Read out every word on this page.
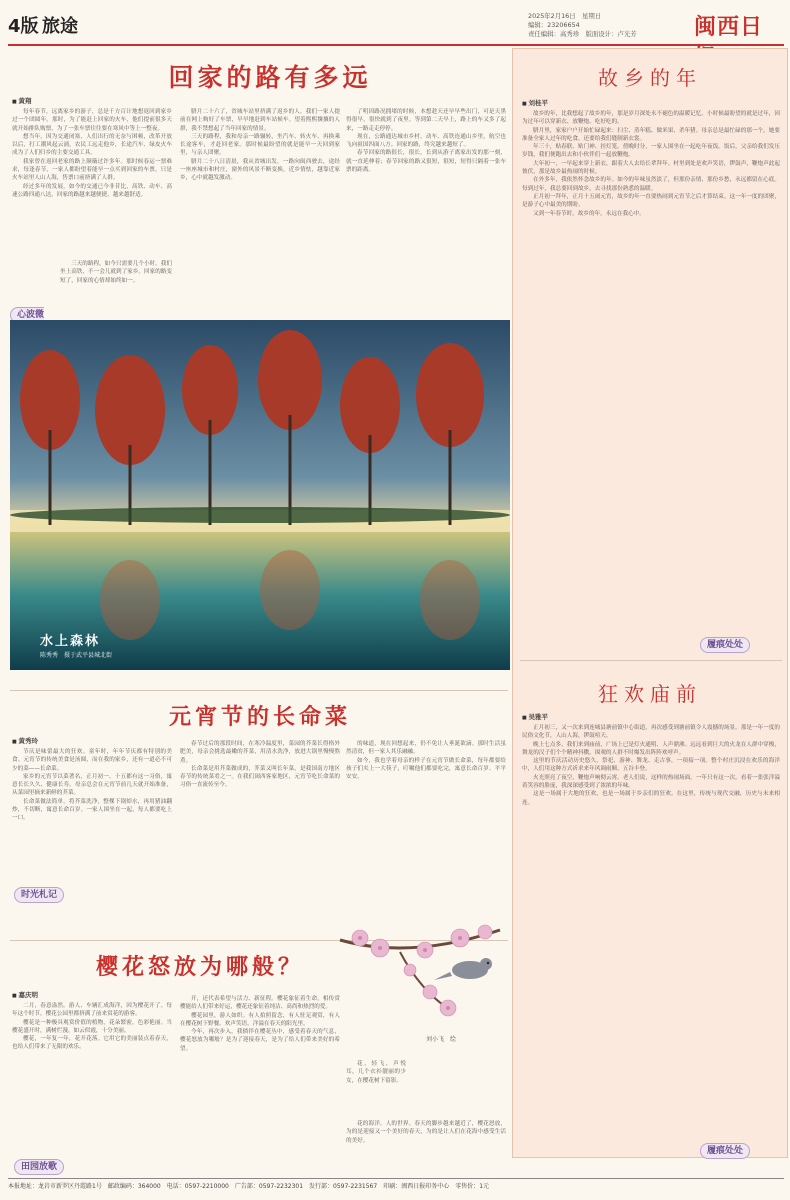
4版 旅途	2025年2月16日　星期日
编辑：23206654
责任编辑：高秀珍　版面设计：卢光芳	闽西日
回家的路有多远
■ 黄翔

每年春节，远离家乡的游子，总是千方百计地想返回到家乡过一个团圆年。那时，为了能赶上回家的火车，他们提前很多天就开始排队购票，为了一张车票往往要在寒风中等上一整夜。

想当年，因为交通闭塞，人们出行的无奈与困顿，改革开放以后，打工潮风起云涌，农民工远走他乡，长途汽车、绿皮火车成为了人们归乡的主要交通工具。

我家曾在返回老家的路上颠簸过许多年。那时候春运一票难求，每逢春节，一家人都盼望着能早一点买到回家的车票，只是火车站里人山人海，售票口前挤满了人群。

经过多年的发展，如今的交通已今非昔比，高铁、动车、高速公路四通八达，回家的路越来越便捷，越来越舒适。

三天的路程，如今只需要几个小时。我们坐上高铁，不一会儿就到了家乡。回家的路变短了，回家的心情却始终如一。

心波微

腊月二十六了，省城车站里挤满了返乡的人。我们一家人提前在网上购好了车票，早早地赶到车站候车。望着熙熙攘攘的人群，我不禁想起了当年回家的情景。

三天的路程，我和母亲一路辗转，坐汽车、转火车、再换乘长途客车，才赶回老家。那时候最盼望的就是能早一天回到家里，与亲人团聚。

腊月二十八日清晨，我从省城出发，一路向闽西驶去，途经一座座城市和村庄，窗外的风景不断变换。近乡情怯，越靠近家乡，心中就越发激动。

了明因路况拥堵的时候，本想趁天还早早些出门，可是天黑得很早，很快就到了夜里。等到第二天早上，路上的车又多了起来，一路走走停停。

现在，公路通达城市乡村，动车、高铁连通山乡里，航空也飞向祖国四面八方。回家的路，终究越来越短了。

春节回家的路很长，很长，长到从游子离家出发的那一刻，就一直延伸着；春节回家的路又很短，很短，短得只隔着一张车票的距离。

水上森林
陈秀秀　摄于武平县城北街
故乡的年
■ 刘桂平

故乡的年，比我想起了故乡的年，那是岁月深处永不褪色的温暖记忆。小时候最盼望的就是过年，因为过年可以穿新衣、放鞭炮、吃好吃的。

腊月里，家家户户开始忙碌起来：扫尘、蒸年糕、做米果、杀年猪。母亲总是最忙碌的那一个，她要准备全家人过年的吃食，还要给我们缝制新衣裳。

年三十，贴春联、贴门神、挂灯笼。傍晚时分，一家人围坐在一起吃年夜饭。饭后，父亲给我们发压岁钱，我们便跑出去和小伙伴们一起放鞭炮。

大年初一，一早起来穿上新衣，跟着大人去给长辈拜年。村里到处是欢声笑语，锣鼓声、鞭炮声此起彼伏，那是故乡最热闹的时候。

在外多年，我依然怀念故乡的年。如今的年味虽然淡了，但那份亲情、那份乡愁，永远都留在心底。每到过年，我总要回到故乡，去寻找那份熟悉的温暖。

正月初一拜年，正月十五闹元宵，故乡的年一直要热闹到元宵节之后才算结束。这一年一度的团聚，是游子心中最美的期盼。

又到一年春节时，故乡的年，永远在我心中。

履痕处处
狂欢庙前
■ 吴雅平

正月初三，又一次来到连城县塘前镇中心街道，再次感受到塘前镇令人震撼的场景。那是一年一度的民俗文化节，人山人海，锣鼓喧天。

晚上七点多，我们来到庙前，广场上已是灯火通明、人声鼎沸。远远看到巨大的火龙在人群中穿梭，舞龙的汉子们个个精神抖擞，围观的人群不时爆发出阵阵欢呼声。

这里的节庆活动历史悠久，祭祀、游神、舞龙、走古事，一项接一项。整个村庄沉浸在欢乐的海洋中，人们用这种方式祈求来年风调雨顺、五谷丰登。

火光照亮了夜空，鞭炮声响彻云霄。老人们说，这样的热闹场面，一年只有这一次。看着一张张洋溢着笑容的脸庞，我深深感受到了浓浓的年味。

这是一场属于大地的狂欢，也是一场属于乡亲们的狂欢。在这里，传统与现代交融，历史与未来相连。

履痕处处
元宵节的长命菜
■ 黄秀玲

节庆是味蕾最大的狂欢。童年时，年年节庆都有特别的美食。元宵节的传统美食是汤圆，而在我的家乡，还有一道必不可少的菜——长命菜。

家乡的元宵节以菜著名，正月初一、十五都有这一习俗，寓意长长久久、健康长寿。母亲总会在元宵节前几天就开始准备，从菜园里摘来新鲜的芥菜。

长命菜做法简单，将芥菜洗净，整棵下锅焯水，再用猪油翻炒，不切断，寓意长命百岁。一家人围坐在一起，每人都要吃上一口。

时光札记

春节过后的那段时间，在寒冷温度里，菜园的芥菜长得格外肥美，母亲会挑选最嫩的芥菜，用清水洗净，放进大锅里慢慢熬煮。

长命菜是用芥菜做成的，芥菜又叫长年菜，是我国南方地区春节的传统菜肴之一。在我们闽西客家地区，元宵节吃长命菜的习俗一直流传至今。

的味道，现在回想起来，仍不免让人垂涎欲滴。那时生活虽然清贫，但一家人其乐融融。

如今，我也学着母亲的样子在元宵节做长命菜，每年都要给孩子们夹上一大筷子，叮嘱他们都要吃完，寓意长命百岁、平平安安。

樱花怒放为哪般？
■ 嘉庆明

二月，春意盎然。游人、车辆汇成海洋，因为樱花开了。每年这个时节，樱花公园里都挤满了前来赏花的游客。

樱花是一种极具观赏价值的植物，花朵繁密，色彩艳丽。当樱花盛开时，满树烂漫，如云似霞，十分美丽。

樱花，一年复一年，花开花落。它用它的美丽装点着春天，也给人们带来了无限的欢乐。

田园放歌

开，还代表希望与活力、新征程。樱花象征着生命，相传赏樱能给人们带来好运，樱花还象征着纯洁、高尚和热烈的爱。

樱花园里，游人如织。有人拍照留念，有人驻足观赏，有人在樱花树下野餐。欢声笑语，洋溢在春天的阳光里。

今年，再次步入，我徜徉在樱花丛中，感受着春天的气息，樱花怒放为哪般？是为了迎接春天，是为了给人们带来美好的希望。

花，轻飞，声悦耳，几个衣衫靓丽的少女，在樱花树下留影。

花的海洋，人的世界。春天的脚步越来越近了，樱花怒放，为的是迎接又一个美好的春天，为的是让人们在花海中感受生活的美好。

刘小飞　绘
本报地址：龙岩市新罗区丹霞路1号　邮政编码：364000　电话：0597-2210000　广告部：0597-2232301　发行部：0597-2231567　印刷：闽西日报印务中心　零售价：1元
